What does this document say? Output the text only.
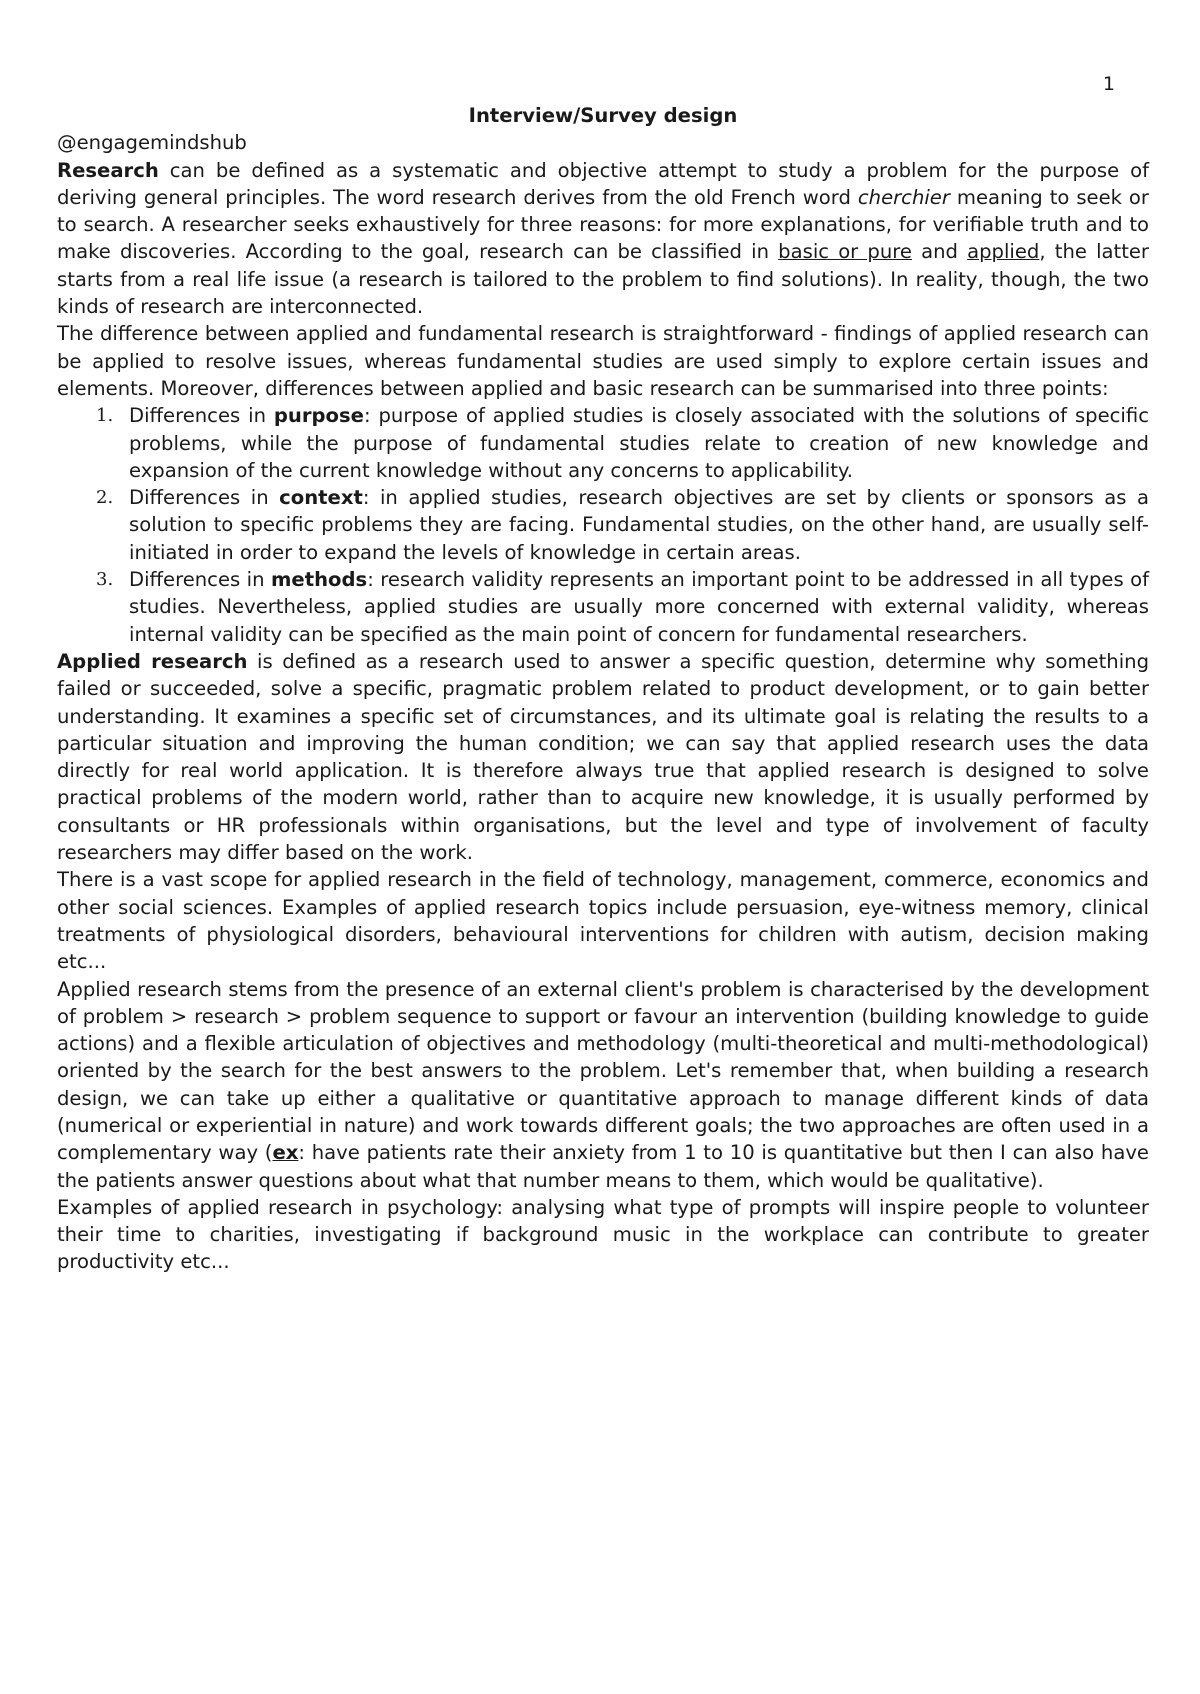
1

Interview/Survey design

@engagemindshub

Research can be defined as a systematic and objective attempt to study a problem for the purpose of deriving general principles. The word research derives from the old French word cherchier meaning to seek or to search. A researcher seeks exhaustively for three reasons: for more explanations, for verifiable truth and to make discoveries. According to the goal, research can be classified in basic or pure and applied, the latter starts from a real life issue (a research is tailored to the problem to find solutions). In reality, though, the two kinds of research are interconnected.

The difference between applied and fundamental research is straightforward - findings of applied research can be applied to resolve issues, whereas fundamental studies are used simply to explore certain issues and elements. Moreover, differences between applied and basic research can be summarised into three points:

1. Differences in purpose: purpose of applied studies is closely associated with the solutions of specific problems, while the purpose of fundamental studies relate to creation of new knowledge and expansion of the current knowledge without any concerns to applicability.
2. Differences in context: in applied studies, research objectives are set by clients or sponsors as a solution to specific problems they are facing. Fundamental studies, on the other hand, are usually self-initiated in order to expand the levels of knowledge in certain areas.
3. Differences in methods: research validity represents an important point to be addressed in all types of studies. Nevertheless, applied studies are usually more concerned with external validity, whereas internal validity can be specified as the main point of concern for fundamental researchers.

Applied research is defined as a research used to answer a specific question, determine why something failed or succeeded, solve a specific, pragmatic problem related to product development, or to gain better understanding. It examines a specific set of circumstances, and its ultimate goal is relating the results to a particular situation and improving the human condition; we can say that applied research uses the data directly for real world application. It is therefore always true that applied research is designed to solve practical problems of the modern world, rather than to acquire new knowledge, it is usually performed by consultants or HR professionals within organisations, but the level and type of involvement of faculty researchers may differ based on the work.

There is a vast scope for applied research in the field of technology, management, commerce, economics and other social sciences. Examples of applied research topics include persuasion, eye-witness memory, clinical treatments of physiological disorders, behavioural interventions for children with autism, decision making etc...

Applied research stems from the presence of an external client's problem is characterised by the development of problem > research > problem sequence to support or favour an intervention (building knowledge to guide actions) and a flexible articulation of objectives and methodology (multi-theoretical and multi-methodological) oriented by the search for the best answers to the problem. Let's remember that, when building a research design, we can take up either a qualitative or quantitative approach to manage different kinds of data (numerical or experiential in nature) and work towards different goals; the two approaches are often used in a complementary way (ex: have patients rate their anxiety from 1 to 10 is quantitative but then I can also have the patients answer questions about what that number means to them, which would be qualitative).

Examples of applied research in psychology: analysing what type of prompts will inspire people to volunteer their time to charities, investigating if background music in the workplace can contribute to greater productivity etc...
